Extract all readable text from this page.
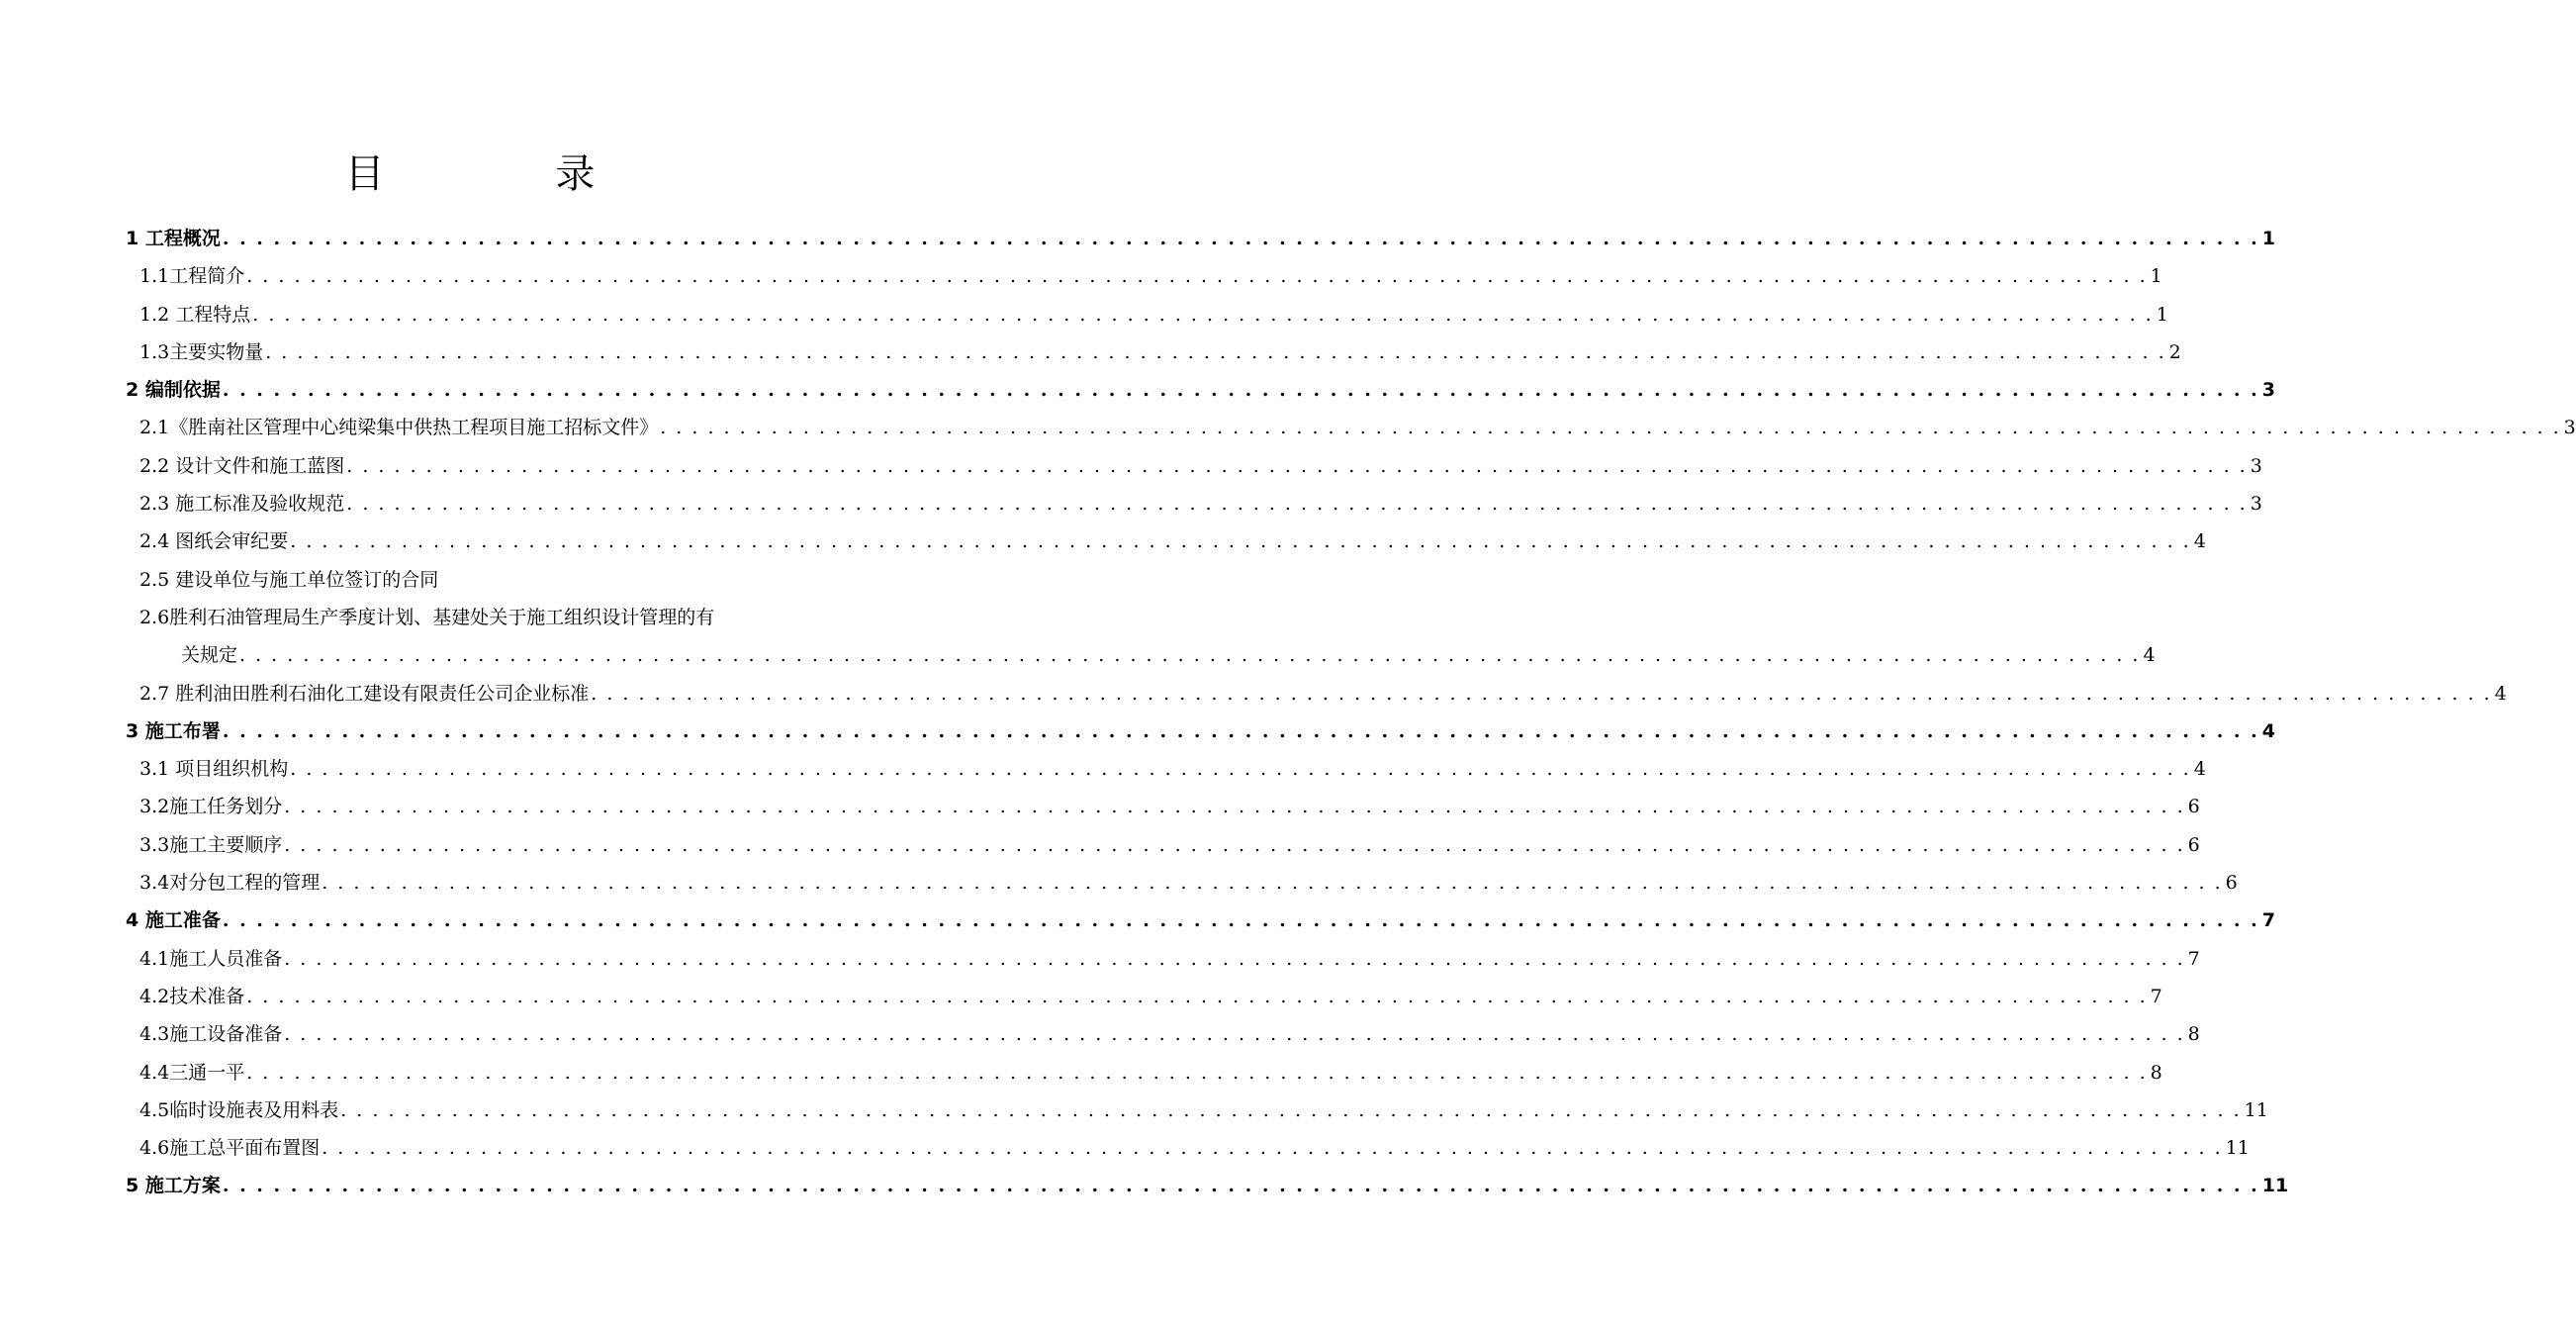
目 录
1 工程概况 . . . . . . . . . . . . . . . . . . . . . . . . . . . . . . . . . . . . . . . . . . . . . . . . . . . . . . . . . . . . . . . . . . . . . . . . . . . . . . . . . . . . . . . . . . . . . . . . . . . . . . . . . . . . . . . . . . . . . . . . 1
1.1工程简介 . . . . . . . . . . . . . . . . . . . . . . . . . . . . . . . . . . . . . . . . . . . . . . . . . . . . . . . . . . . . . . . . . . . . . . . . . . . . . . . . . . . . . . . . . . . . . . . . . . . . . . . . . . . . . . . . . . . . . . . . 1
1.2 工程特点 . . . . . . . . . . . . . . . . . . . . . . . . . . . . . . . . . . . . . . . . . . . . . . . . . . . . . . . . . . . . . . . . . . . . . . . . . . . . . . . . . . . . . . . . . . . . . . . . . . . . . . . . . . . . . . . . . . . . . . . . 1
1.3主要实物量 . . . . . . . . . . . . . . . . . . . . . . . . . . . . . . . . . . . . . . . . . . . . . . . . . . . . . . . . . . . . . . . . . . . . . . . . . . . . . . . . . . . . . . . . . . . . . . . . . . . . . . . . . . . . . . . . . . . . . . . . 2
2 编制依据 . . . . . . . . . . . . . . . . . . . . . . . . . . . . . . . . . . . . . . . . . . . . . . . . . . . . . . . . . . . . . . . . . . . . . . . . . . . . . . . . . . . . . . . . . . . . . . . . . . . . . . . . . . . . . . . . . . . . . . . . 3
2.1《胜南社区管理中心纯梁集中供热工程项目施工招标文件》 . . . . . . . . . . . . . . . . . . . . . . . . . . . . . . . . . . . . . . . . . . . . . . . . . . . . . . . . . . . . . . . . . . . . . . . . . . . . . . . . . . . . . . . . . . . . . . . . . . . . . . . . . . . . . . . . . . . . . . . . 3
2.2 设计文件和施工蓝图 . . . . . . . . . . . . . . . . . . . . . . . . . . . . . . . . . . . . . . . . . . . . . . . . . . . . . . . . . . . . . . . . . . . . . . . . . . . . . . . . . . . . . . . . . . . . . . . . . . . . . . . . . . . . . . . . . . . . . . . . 3
2.3 施工标准及验收规范 . . . . . . . . . . . . . . . . . . . . . . . . . . . . . . . . . . . . . . . . . . . . . . . . . . . . . . . . . . . . . . . . . . . . . . . . . . . . . . . . . . . . . . . . . . . . . . . . . . . . . . . . . . . . . . . . . . . . . . . . 3
2.4 图纸会审纪要 . . . . . . . . . . . . . . . . . . . . . . . . . . . . . . . . . . . . . . . . . . . . . . . . . . . . . . . . . . . . . . . . . . . . . . . . . . . . . . . . . . . . . . . . . . . . . . . . . . . . . . . . . . . . . . . . . . . . . . . . 4
2.5 建设单位与施工单位签订的合同
2.6胜利石油管理局生产季度计划、基建处关于施工组织设计管理的有
关规定 . . . . . . . . . . . . . . . . . . . . . . . . . . . . . . . . . . . . . . . . . . . . . . . . . . . . . . . . . . . . . . . . . . . . . . . . . . . . . . . . . . . . . . . . . . . . . . . . . . . . . . . . . . . . . . . . . . . . . . . . 4
2.7 胜利油田胜利石油化工建设有限责任公司企业标准 . . . . . . . . . . . . . . . . . . . . . . . . . . . . . . . . . . . . . . . . . . . . . . . . . . . . . . . . . . . . . . . . . . . . . . . . . . . . . . . . . . . . . . . . . . . . . . . . . . . . . . . . . . . . . . . . . . . . . . . . 4
3 施工布署 . . . . . . . . . . . . . . . . . . . . . . . . . . . . . . . . . . . . . . . . . . . . . . . . . . . . . . . . . . . . . . . . . . . . . . . . . . . . . . . . . . . . . . . . . . . . . . . . . . . . . . . . . . . . . . . . . . . . . . . . 4
3.1 项目组织机构 . . . . . . . . . . . . . . . . . . . . . . . . . . . . . . . . . . . . . . . . . . . . . . . . . . . . . . . . . . . . . . . . . . . . . . . . . . . . . . . . . . . . . . . . . . . . . . . . . . . . . . . . . . . . . . . . . . . . . . . . 4
3.2施工任务划分 . . . . . . . . . . . . . . . . . . . . . . . . . . . . . . . . . . . . . . . . . . . . . . . . . . . . . . . . . . . . . . . . . . . . . . . . . . . . . . . . . . . . . . . . . . . . . . . . . . . . . . . . . . . . . . . . . . . . . . . . 6
3.3施工主要顺序 . . . . . . . . . . . . . . . . . . . . . . . . . . . . . . . . . . . . . . . . . . . . . . . . . . . . . . . . . . . . . . . . . . . . . . . . . . . . . . . . . . . . . . . . . . . . . . . . . . . . . . . . . . . . . . . . . . . . . . . . 6
3.4对分包工程的管理 . . . . . . . . . . . . . . . . . . . . . . . . . . . . . . . . . . . . . . . . . . . . . . . . . . . . . . . . . . . . . . . . . . . . . . . . . . . . . . . . . . . . . . . . . . . . . . . . . . . . . . . . . . . . . . . . . . . . . . . . 6
4 施工准备 . . . . . . . . . . . . . . . . . . . . . . . . . . . . . . . . . . . . . . . . . . . . . . . . . . . . . . . . . . . . . . . . . . . . . . . . . . . . . . . . . . . . . . . . . . . . . . . . . . . . . . . . . . . . . . . . . . . . . . . . 7
4.1施工人员准备 . . . . . . . . . . . . . . . . . . . . . . . . . . . . . . . . . . . . . . . . . . . . . . . . . . . . . . . . . . . . . . . . . . . . . . . . . . . . . . . . . . . . . . . . . . . . . . . . . . . . . . . . . . . . . . . . . . . . . . . . 7
4.2技术准备 . . . . . . . . . . . . . . . . . . . . . . . . . . . . . . . . . . . . . . . . . . . . . . . . . . . . . . . . . . . . . . . . . . . . . . . . . . . . . . . . . . . . . . . . . . . . . . . . . . . . . . . . . . . . . . . . . . . . . . . . 7
4.3施工设备准备 . . . . . . . . . . . . . . . . . . . . . . . . . . . . . . . . . . . . . . . . . . . . . . . . . . . . . . . . . . . . . . . . . . . . . . . . . . . . . . . . . . . . . . . . . . . . . . . . . . . . . . . . . . . . . . . . . . . . . . . . 8
4.4三通一平 . . . . . . . . . . . . . . . . . . . . . . . . . . . . . . . . . . . . . . . . . . . . . . . . . . . . . . . . . . . . . . . . . . . . . . . . . . . . . . . . . . . . . . . . . . . . . . . . . . . . . . . . . . . . . . . . . . . . . . . . 8
4.5临时设施表及用料表 . . . . . . . . . . . . . . . . . . . . . . . . . . . . . . . . . . . . . . . . . . . . . . . . . . . . . . . . . . . . . . . . . . . . . . . . . . . . . . . . . . . . . . . . . . . . . . . . . . . . . . . . . . . . . . . . . . . . . . . . 11
4.6施工总平面布置图 . . . . . . . . . . . . . . . . . . . . . . . . . . . . . . . . . . . . . . . . . . . . . . . . . . . . . . . . . . . . . . . . . . . . . . . . . . . . . . . . . . . . . . . . . . . . . . . . . . . . . . . . . . . . . . . . . . . . . . . . 11
5 施工方案 . . . . . . . . . . . . . . . . . . . . . . . . . . . . . . . . . . . . . . . . . . . . . . . . . . . . . . . . . . . . . . . . . . . . . . . . . . . . . . . . . . . . . . . . . . . . . . . . . . . . . . . . . . . . . . . . . . . . . . . . 11
